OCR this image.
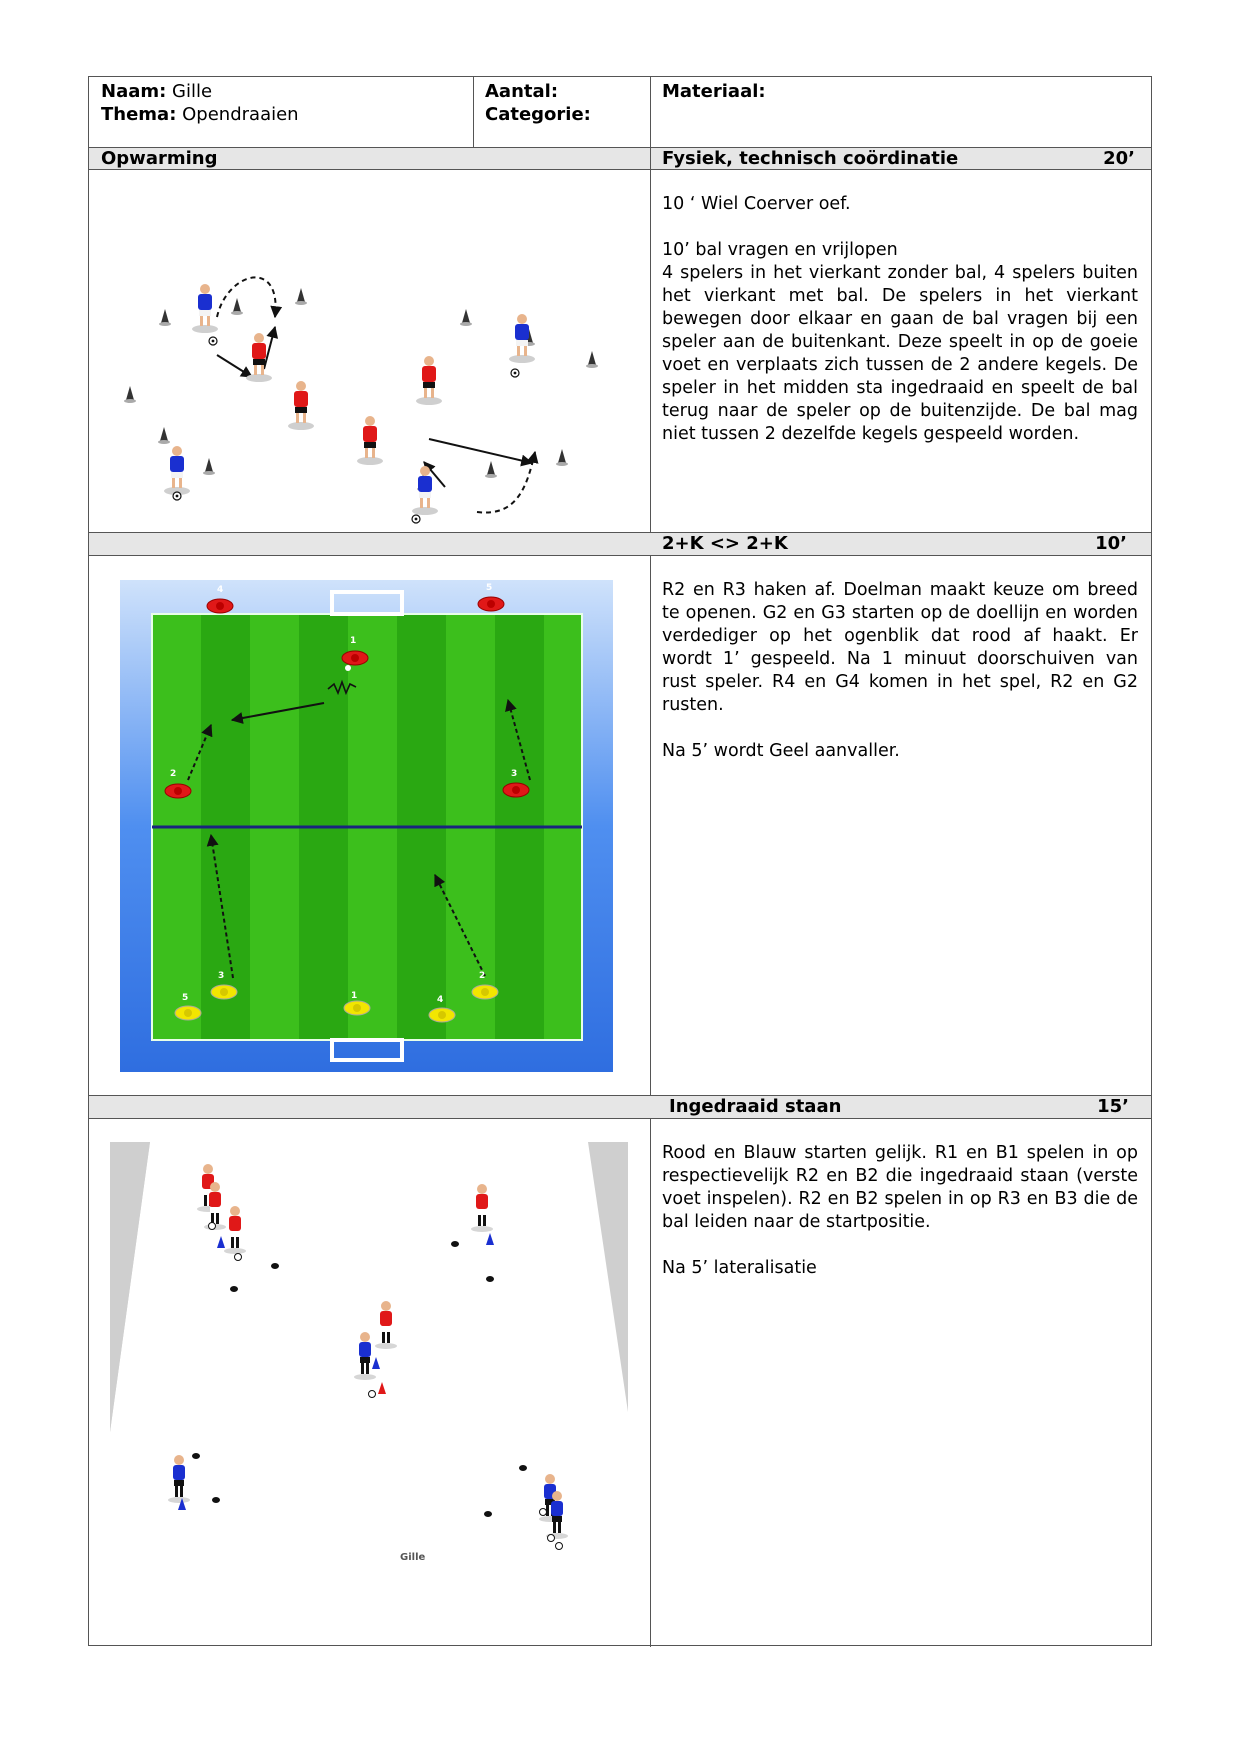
Naam: Gille
Thema: Opendraaien
Aantal:
Categorie:
Materiaal:
Opwarming	Fysiek, technisch coördinatie	20’

10 ‘ Wiel Coerver oef.

10’ bal vragen en vrijlopen

4 spelers in het vierkant zonder bal, 4 spelers buiten het vierkant met bal. De spelers in het vierkant bewegen door elkaar en gaan de bal vragen bij een speler aan de buitenkant. Deze speelt in op de goeie voet en verplaats zich tussen de 2 andere kegels. De speler in het midden sta ingedraaid en speelt de bal terug naar de speler op de buitenzijde. De bal mag niet tussen 2 dezelfde kegels gespeeld worden.

2+K <> 2+K	10’

R2 en R3 haken af. Doelman maakt keuze om breed te openen. G2 en G3 starten op de doellijn en worden verdediger op het ogenblik dat rood af haakt. Er wordt 1’ gespeeld. Na 1 minuut doorschuiven van rust speler. R4 en G4 komen in het spel, R2 en G2 rusten.

Na 5’ wordt Geel aanvaller.

4	5
1
2	3
3
1
2
5	4
Ingedraaid staan	15’

Rood en Blauw starten gelijk. R1 en B1 spelen in op respectievelijk R2 en B2 die ingedraaid staan (verste voet inspelen). R2 en B2 spelen in op R3 en B3 die de bal leiden naar de startpositie.

Na 5’ lateralisatie

Gille
